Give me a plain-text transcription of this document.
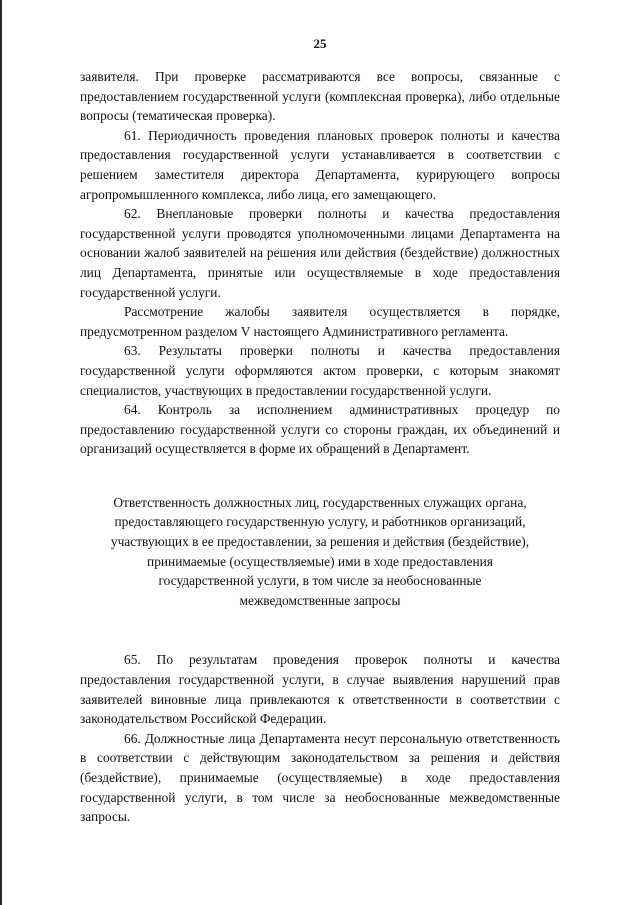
25

заявителя. При проверке рассматриваются все вопросы, связанные с предоставлением государственной услуги (комплексная проверка), либо отдельные вопросы (тематическая проверка).

61. Периодичность проведения плановых проверок полноты и качества предоставления государственной услуги устанавливается в соответствии с решением заместителя директора Департамента, курирующего вопросы агропромышленного комплекса, либо лица, его замещающего.

62. Внеплановые проверки полноты и качества предоставления государственной услуги проводятся уполномоченными лицами Департамента на основании жалоб заявителей на решения или действия (бездействие) должностных лиц Департамента, принятые или осуществляемые в ходе предоставления государственной услуги.

Рассмотрение жалобы заявителя осуществляется в порядке, предусмотренном разделом V настоящего Административного регламента.

63. Результаты проверки полноты и качества предоставления государственной услуги оформляются актом проверки, с которым знакомят специалистов, участвующих в предоставлении государственной услуги.

64. Контроль за исполнением административных процедур по предоставлению государственной услуги со стороны граждан, их объединений и организаций осуществляется в форме их обращений в Департамент.

Ответственность должностных лиц, государственных служащих органа,
предоставляющего государственную услугу, и работников организаций,
участвующих в ее предоставлении, за решения и действия (бездействие),
принимаемые (осуществляемые) ими в ходе предоставления
государственной услуги, в том числе за необоснованные
межведомственные запросы

65. По результатам проведения проверок полноты и качества предоставления государственной услуги, в случае выявления нарушений прав заявителей виновные лица привлекаются к ответственности в соответствии с законодательством Российской Федерации.

66. Должностные лица Департамента несут персональную ответственность в соответствии с действующим законодательством за решения и действия (бездействие), принимаемые (осуществляемые) в ходе предоставления государственной услуги, в том числе за необоснованные межведомственные запросы.
